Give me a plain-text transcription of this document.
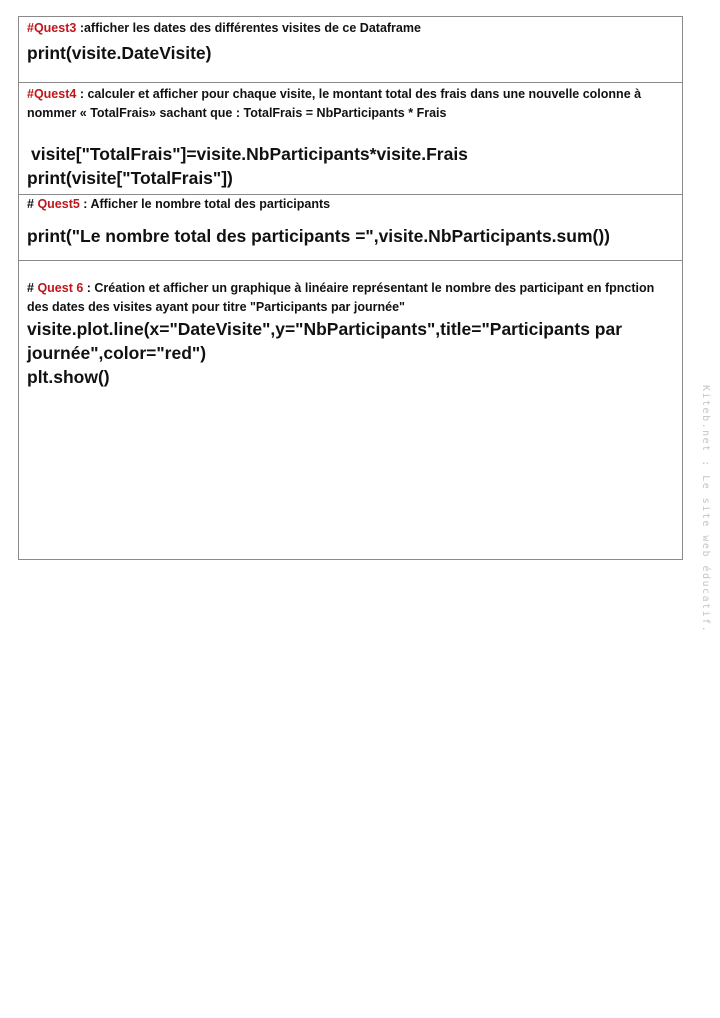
#Quest3 :afficher les dates des différentes visites de ce Dataframe
print(visite.DateVisite)
#Quest4 : calculer et afficher pour chaque visite, le montant total des frais dans une nouvelle colonne à nommer « TotalFrais» sachant que : TotalFrais = NbParticipants * Frais
visite["TotalFrais"]=visite.NbParticipants*visite.Frais
print(visite["TotalFrais"])
# Quest5 : Afficher le nombre total des participants
print("Le nombre total des participants =",visite.NbParticipants.sum())
# Quest 6 : Création et afficher un graphique à linéaire représentant le nombre des participant en fpnction des dates des visites ayant pour titre "Participants par journée"
visite.plot.line(x="DateVisite",y="NbParticipants",title="Participants par journée",color="red")
plt.show()
Kiteb.net : Le site web éducatif.
